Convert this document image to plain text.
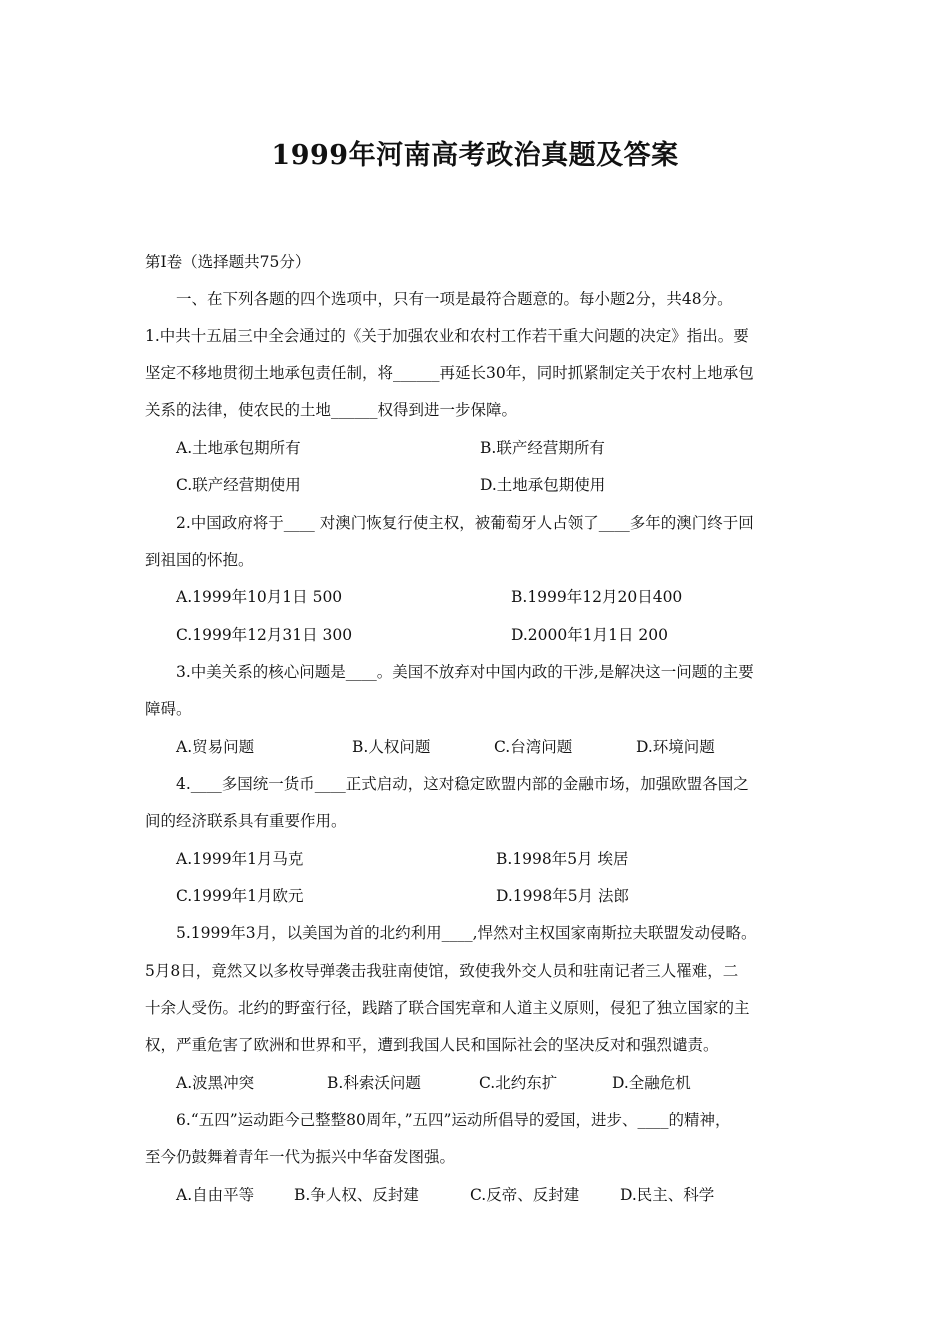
1999年河南高考政治真题及答案
第Ⅰ卷（选择题共75分）
一、在下列各题的四个选项中，只有一项是最符合题意的。每小题2分，共48分。
1.中共十五届三中全会通过的《关于加强农业和农村工作若干重大问题的决定》指出。要
坚定不移地贯彻土地承包责任制，将______再延长30年，同时抓紧制定关于农村上地承包
关系的法律，使农民的土地______权得到进一步保障。
A.土地承包期所有	B.联产经营期所有
C.联产经营期使用	D.土地承包期使用
2.中国政府将于____ 对澳门恢复行使主权，被葡萄牙人占领了____多年的澳门终于回
到祖国的怀抱。
A.1999年10月1日 500	B.1999年12月20日400
C.1999年12月31日 300	D.2000年1月1日 200
3.中美关系的核心问题是____。美国不放弃对中国内政的干涉,是解决这一问题的主要
障碍。
A.贸易问题	B.人权问题	C.台湾问题	D.环境问题
4.____多国统一货币____正式启动，这对稳定欧盟内部的金融市场，加强欧盟各国之
间的经济联系具有重要作用。
A.1999年1月马克	B.1998年5月 埃居
C.1999年1月欧元	D.1998年5月 法郎
5.1999年3月，以美国为首的北约利用____,悍然对主权国家南斯拉夫联盟发动侵略。
5月8日，竟然又以多枚导弹袭击我驻南使馆，致使我外交人员和驻南记者三人罹难，二
十余人受伤。北约的野蛮行径，践踏了联合国宪章和人道主义原则，侵犯了独立国家的主
权，严重危害了欧洲和世界和平，遭到我国人民和国际社会的坚决反对和强烈谴责。
A.波黑冲突	B.科索沃问题	C.北约东扩	D.全融危机
6.“五四”运动距今己整整80周年，”五四”运动所倡导的爱国，进步、____的精神，
至今仍鼓舞着青年一代为振兴中华奋发图强。
A.自由平等	B.争人权、反封建	C.反帝、反封建	D.民主、科学
